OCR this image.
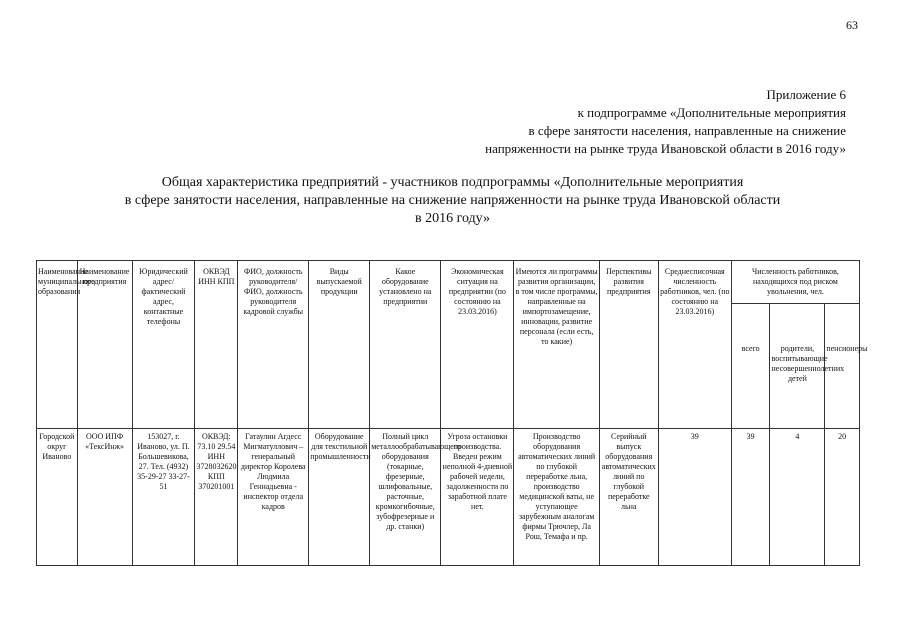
63
Приложение 6
к подпрограмме «Дополнительные мероприятия
в сфере занятости населения, направленные на снижение
напряженности на рынке труда Ивановской области в 2016 году»
Общая характеристика предприятий - участников подпрограммы «Дополнительные мероприятия
в сфере занятости населения, направленные на снижение напряженности на рынке труда Ивановской области
в 2016 году»
Наименование муниципального образования	Наименование предприятия	Юридический адрес/фактический адрес, контактные телефоны	ОКВЭД ИНН КПП	ФИО, должность руководителя/ ФИО, должность руководителя кадровой службы	Виды выпускаемой продукции	Какое оборудование установлено на предприятии	Экономическая ситуация на предприятии (по состоянию на 23.03.2016)	Имеются ли программы развития организации, в том числе программы, направленные на импортозамещение, инновации, развитие персонала (если есть, то какие)	Перспективы развития предприятия	Среднесписочная численность работников, чел. (по состоянию на 23.03.2016)	Численность работников, находящихся под риском увольнения, чел.		
											всего	родители, воспитывающие несовершеннолетних детей	пенсионеры
Городской округ Иваново	ООО ИПФ «ТексИнж»	153027, г. Иваново, ул. П. Большевикова, 27. Тел. (4932) 35-29-27 33-27-51	ОКВЭД: 73.10 29.54 ИНН 3728032620 КПП 370201001	Гатаулин Агдесс Мигматуллович – генеральный директор Королева Людмила Геннадьевна - инспектор отдела кадров	Оборудование для текстильной промышленности	Полный цикл металлообрабатывающего оборудования (токарные, фрезерные, шлифовальные, расточные, кромкогибочные, зубофрезерные и др. станки)	Угроза остановки производства. Введен режим неполной 4-дневной рабочей недели, задолженности по заработной плате нет.	Производство оборудования автоматических линий по глубокой переработке льна, производство медицинской ваты, не уступающее зарубежным аналогам фирмы Трючлер, Ла Рош, Темафа и пр.	Серийный выпуск оборудования автоматических линий по глубокой переработке льна	39	39	4	20
